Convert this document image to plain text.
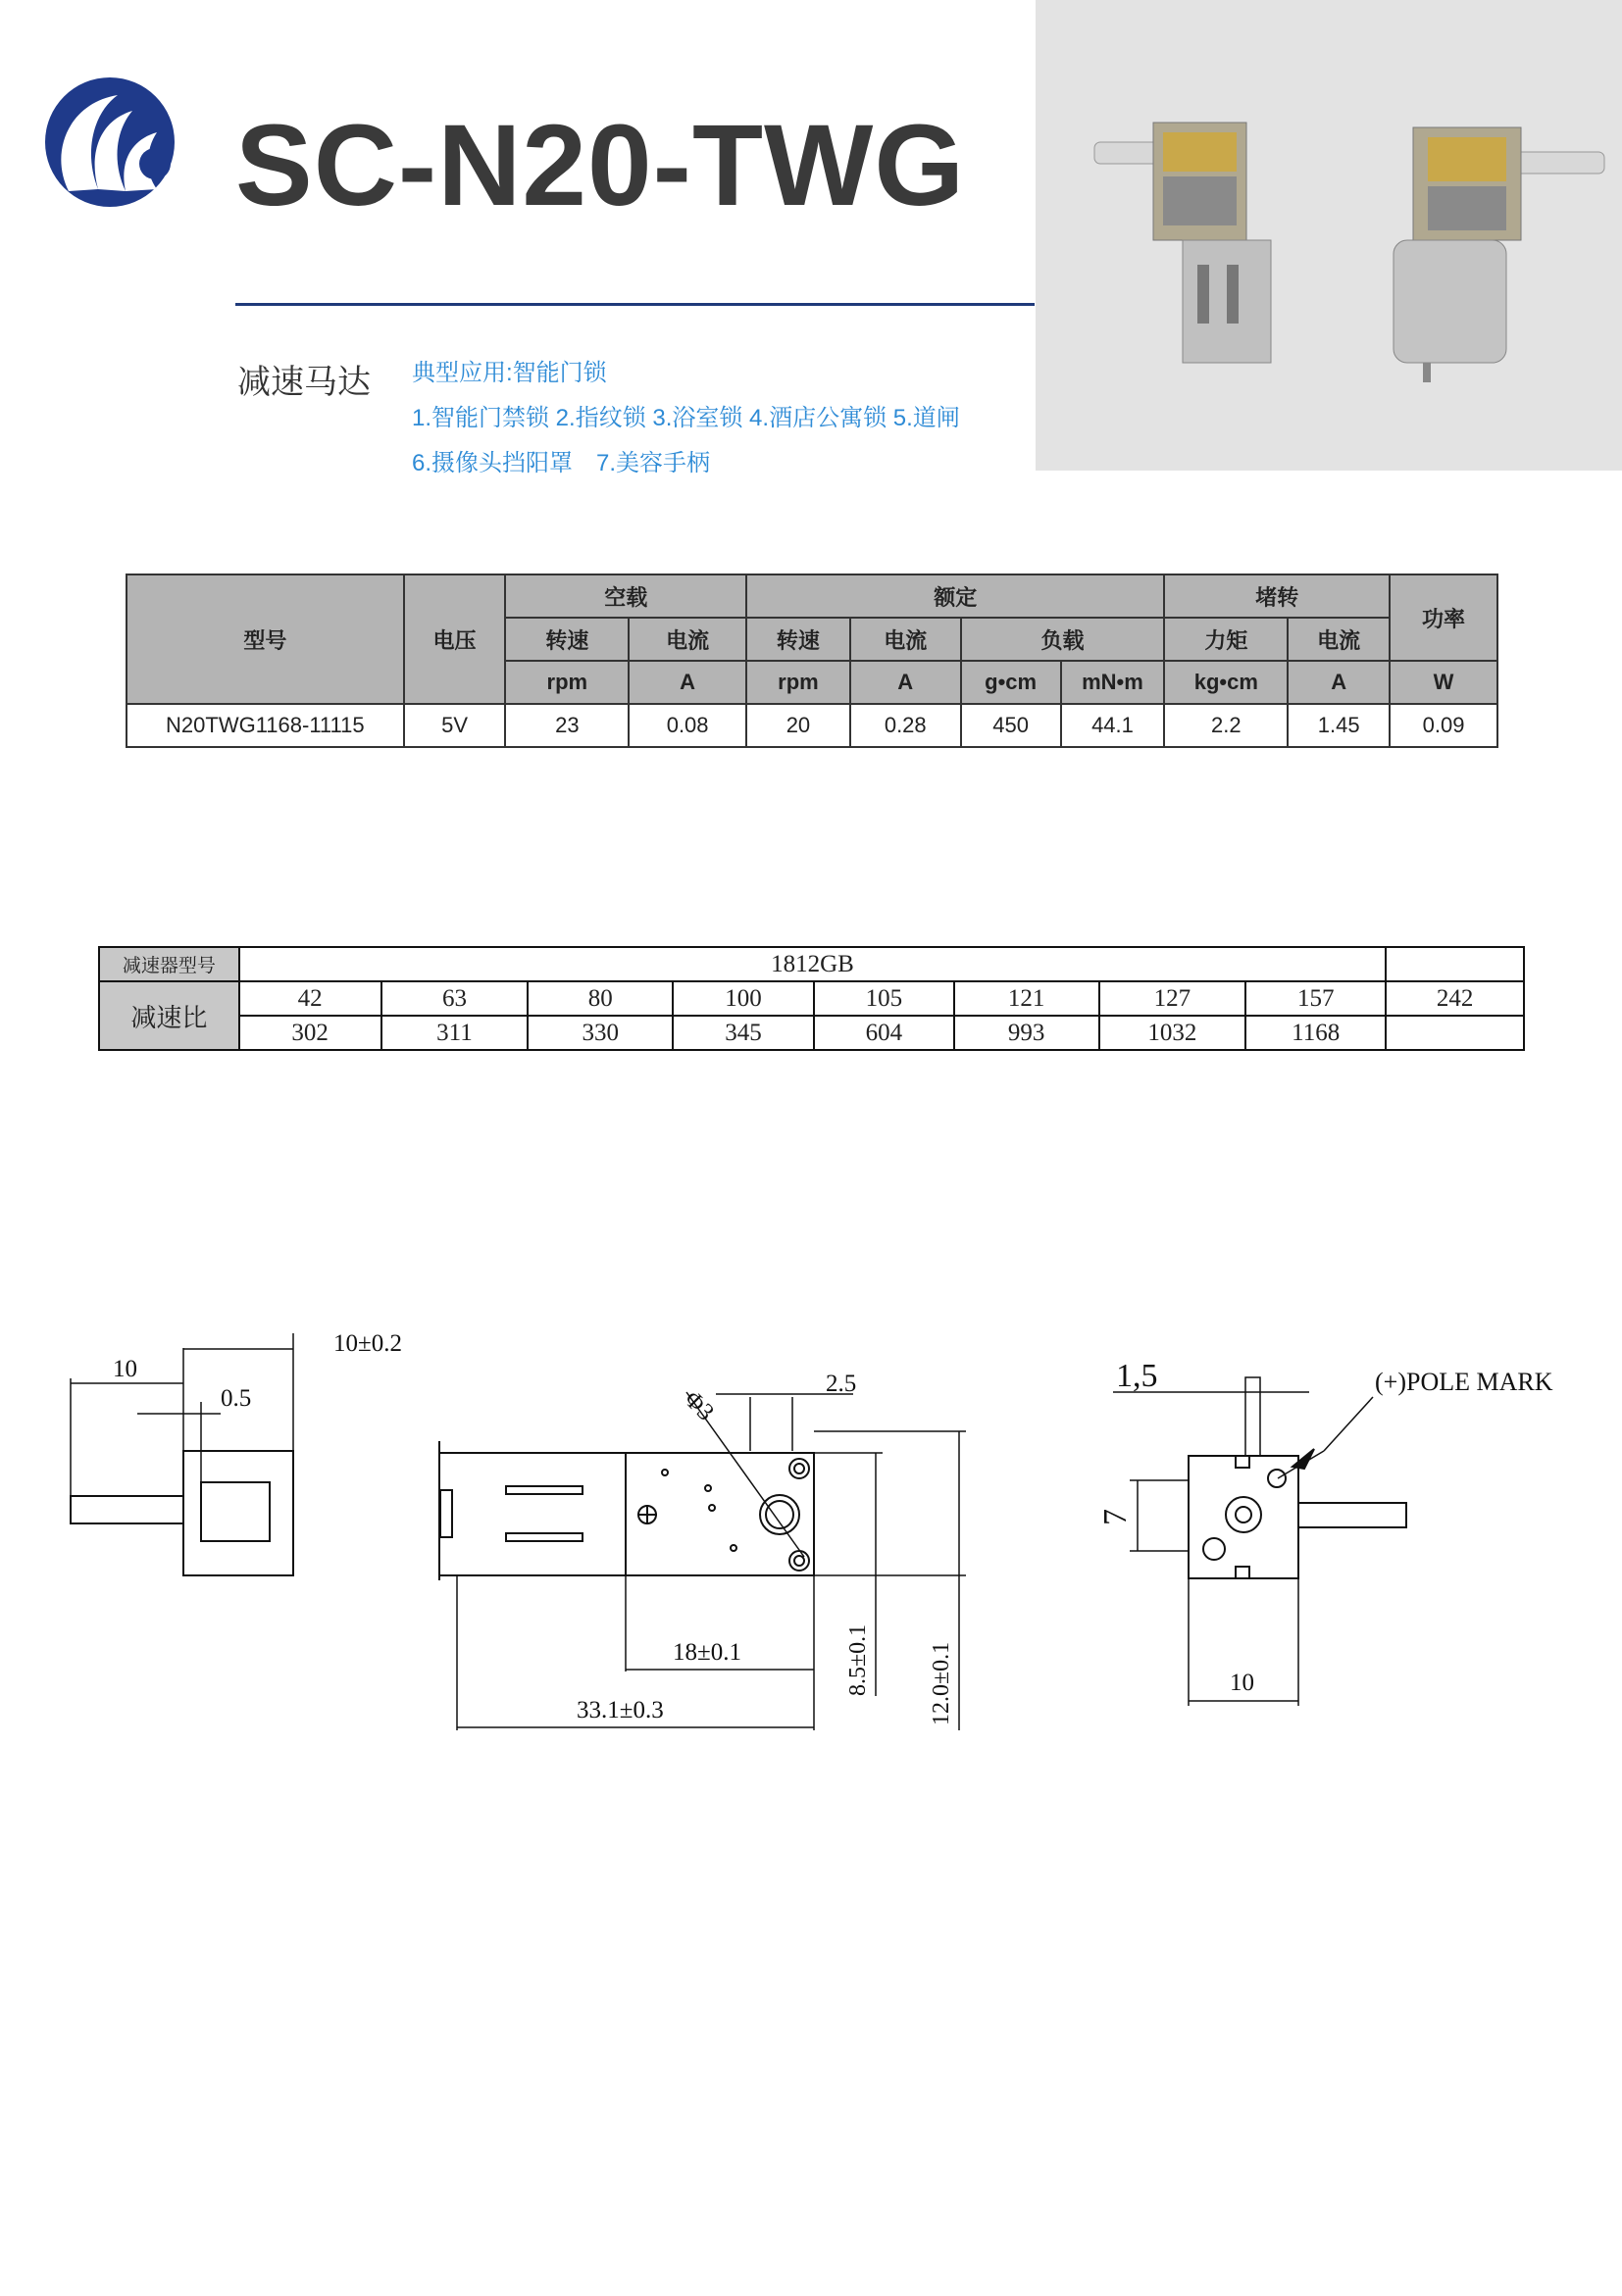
SC-N20-TWG
减速马达 典型应用:智能门锁
1.智能门禁锁 2.指纹锁 3.浴室锁 4.酒店公寓锁 5.道闸
6.摄像头挡阳罩　7.美容手柄
型号	电压	空载		额定				堵转		功率
		转速	电流	转速	电流	负载		力矩	电流	
		rpm	A	rpm	A	g•cm	mN•m	kg•cm	A	W
N20TWG1168-11115	5V	23	0.08	20	0.28	450	44.1	2.2	1.45	0.09
减速器型号	1812GB								
减速比	42	63	80	100	105	121	127	157	242
	302	311	330	345	604	993	1032	1168	
10
10±0.2
0.5
2.5
Φ3
18±0.1
33.1±0.3
8.5±0.1 12.0±0.1
1,5	(+)POLE MARK
7
10
